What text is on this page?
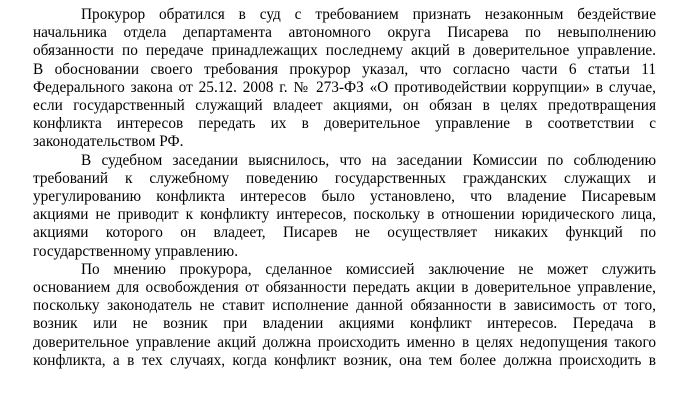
Прокурор обратился в суд с требованием признать незаконным бездействие
начальника отдела департамента автономного округа Писарева по невыполнению
обязанности по передаче принадлежащих последнему акций в доверительное управление.
В обосновании своего требования прокурор указал, что согласно части 6 статьи 11
Федерального закона от 25.12. 2008 г. № 273-ФЗ «О противодействии коррупции» в случае,
если государственный служащий владеет акциями, он обязан в целях предотвращения
конфликта интересов передать их в доверительное управление в соответствии с
законодательством РФ.

В судебном заседании выяснилось, что на заседании Комиссии по соблюдению
требований к служебному поведению государственных гражданских служащих и
урегулированию конфликта интересов было установлено, что владение Писаревым
акциями не приводит к конфликту интересов, поскольку в отношении юридического лица,
акциями которого он владеет, Писарев не осуществляет никаких функций по
государственному управлению.

По мнению прокурора, сделанное комиссией заключение не может служить
основанием для освобождения от обязанности передать акции в доверительное управление,
поскольку законодатель не ставит исполнение данной обязанности в зависимость от того,
возник или не возник при владении акциями конфликт интересов. Передача в
доверительное управление акций должна происходить именно в целях недопущения такого
конфликта, а в тех случаях, когда конфликт возник, она тем более должна происходить в
